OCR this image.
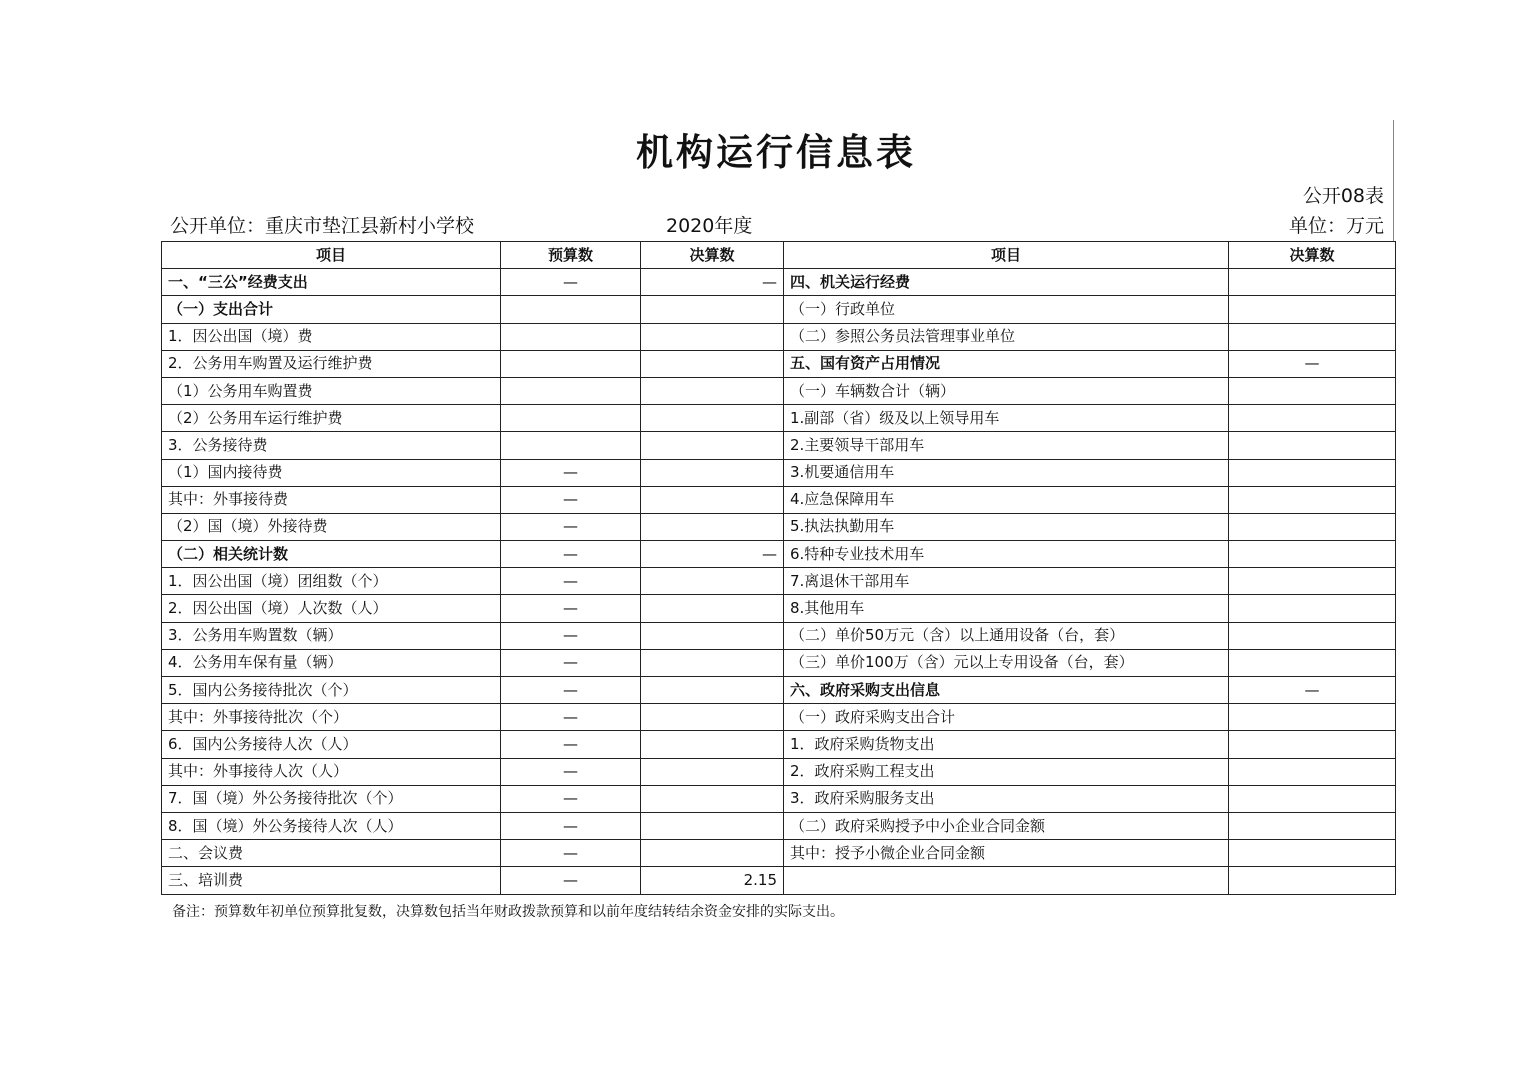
机构运行信息表
公开08表
公开单位：重庆市垫江县新村小学校	2020年度	单位：万元
项目	预算数	决算数	项目	决算数
一、“三公”经费支出	—	—	四、机关运行经费	
（一）支出合计			（一）行政单位	
1．因公出国（境）费			（二）参照公务员法管理事业单位	
2．公务用车购置及运行维护费			五、国有资产占用情况	—
（1）公务用车购置费			（一）车辆数合计（辆）	
（2）公务用车运行维护费			1.副部（省）级及以上领导用车	
3．公务接待费			2.主要领导干部用车	
（1）国内接待费	—		3.机要通信用车	
其中：外事接待费	—		4.应急保障用车	
（2）国（境）外接待费	—		5.执法执勤用车	
（二）相关统计数	—	—	6.特种专业技术用车	
1．因公出国（境）团组数（个）	—		7.离退休干部用车	
2．因公出国（境）人次数（人）	—		8.其他用车	
3．公务用车购置数（辆）	—		（二）单价50万元（含）以上通用设备（台，套）	
4．公务用车保有量（辆）	—		（三）单价100万（含）元以上专用设备（台，套）	
5．国内公务接待批次（个）	—		六、政府采购支出信息	—
其中：外事接待批次（个）	—		（一）政府采购支出合计	
6．国内公务接待人次（人）	—		1．政府采购货物支出	
其中：外事接待人次（人）	—		2．政府采购工程支出	
7．国（境）外公务接待批次（个）	—		3．政府采购服务支出	
8．国（境）外公务接待人次（人）	—		（二）政府采购授予中小企业合同金额	
二、会议费	—		其中：授予小微企业合同金额	
三、培训费	—	2.15		
备注：预算数年初单位预算批复数，决算数包括当年财政拨款预算和以前年度结转结余资金安排的实际支出。
